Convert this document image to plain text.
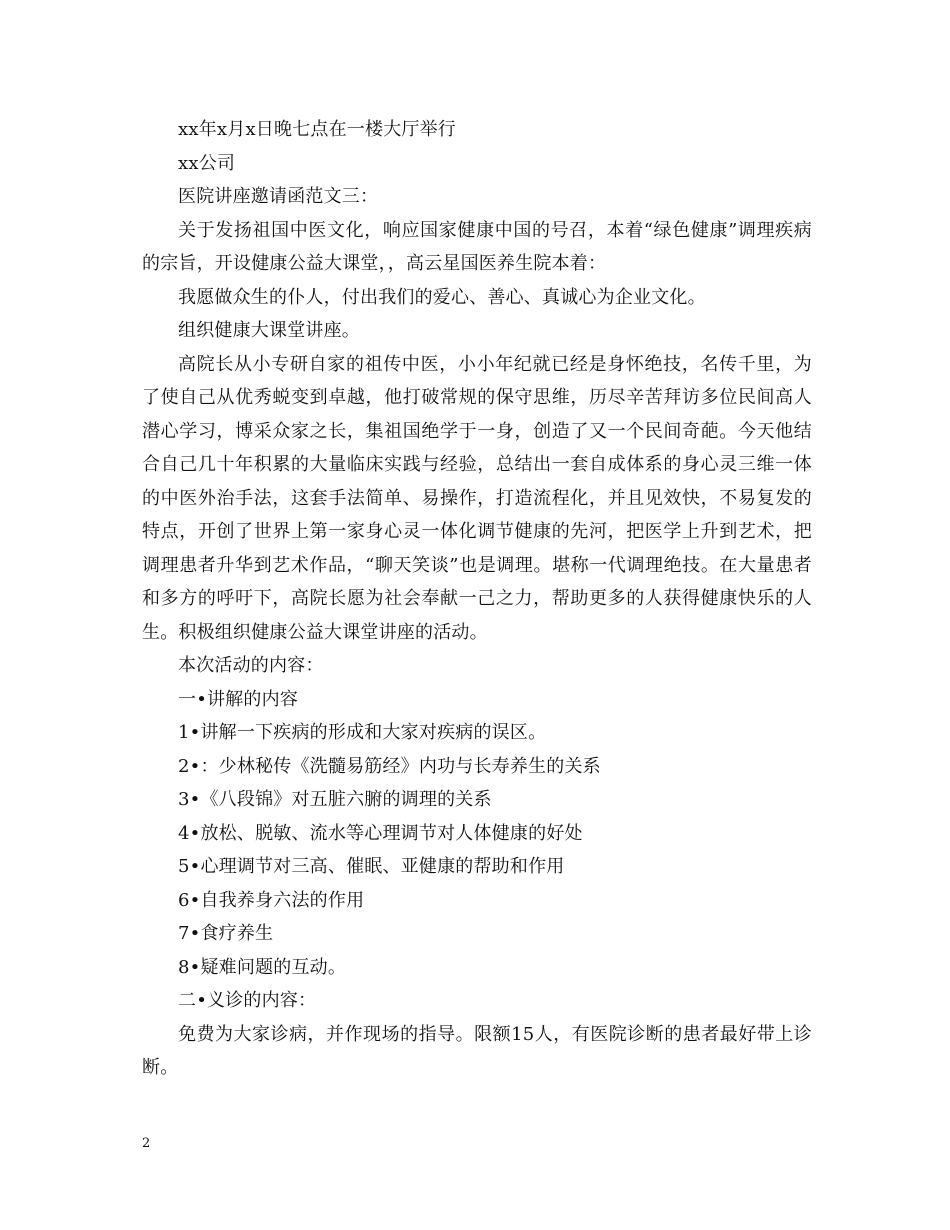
xx年x月x日晚七点在一楼大厅举行

xx公司

医院讲座邀请函范文三：

关于发扬祖国中医文化，响应国家健康中国的号召，本着“绿色健康”调理疾病的宗旨，开设健康公益大课堂，，高云星国医养生院本着：

我愿做众生的仆人，付出我们的爱心、善心、真诚心为企业文化。

组织健康大课堂讲座。

高院长从小专研自家的祖传中医，小小年纪就已经是身怀绝技，名传千里，为了使自己从优秀蜕变到卓越，他打破常规的保守思维，历尽辛苦拜访多位民间高人潜心学习，博采众家之长，集祖国绝学于一身，创造了又一个民间奇葩。今天他结合自己几十年积累的大量临床实践与经验，总结出一套自成体系的身心灵三维一体的中医外治手法，这套手法简单、易操作，打造流程化，并且见效快，不易复发的特点，开创了世界上第一家身心灵一体化调节健康的先河，把医学上升到艺术，把调理患者升华到艺术作品，“聊天笑谈”也是调理。堪称一代调理绝技。在大量患者和多方的呼吁下，高院长愿为社会奉献一己之力，帮助更多的人获得健康快乐的人生。积极组织健康公益大课堂讲座的活动。

本次活动的内容：

一•讲解的内容

1•讲解一下疾病的形成和大家对疾病的误区。

2•：少林秘传《洗髓易筋经》内功与长寿养生的关系

3•《八段锦》对五脏六腑的调理的关系

4•放松、脱敏、流水等心理调节对人体健康的好处

5•心理调节对三高、催眠、亚健康的帮助和作用

6•自我养身六法的作用

7•食疗养生

8•疑难问题的互动。

二•义诊的内容：

免费为大家诊病，并作现场的指导。限额15人，有医院诊断的患者最好带上诊断。

2
